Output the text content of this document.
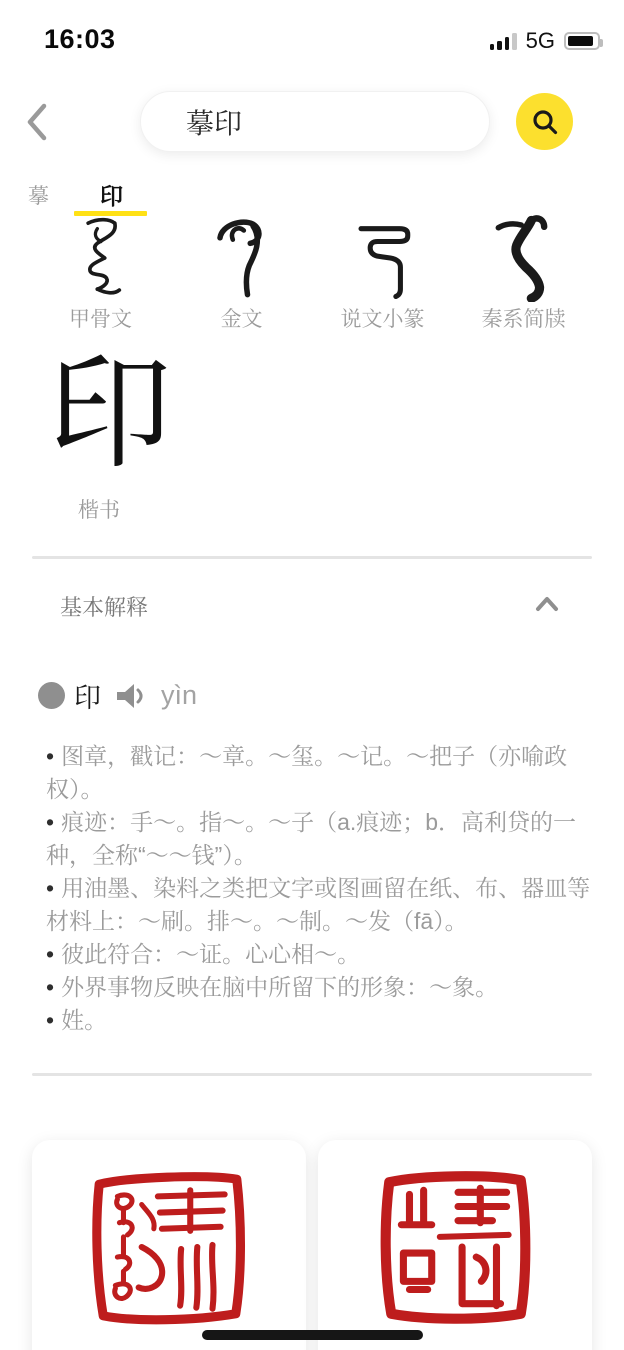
16:03	5G
摹印
摹 印
甲骨文	金文	说文小篆	秦系简牍
印
楷书
基本解释
印 yìn
• 图章，戳记：～章。～玺。～记。～把子（亦喻政权）。
• 痕迹：手～。指～。～子（a.痕迹；b．高利贷的一种，全称“～～钱”）。
• 用油墨、染料之类把文字或图画留在纸、布、器皿等材料上：～刷。排～。～制。～发（fā）。
• 彼此符合：～证。心心相～。
• 外界事物反映在脑中所留下的形象：～象。
• 姓。
